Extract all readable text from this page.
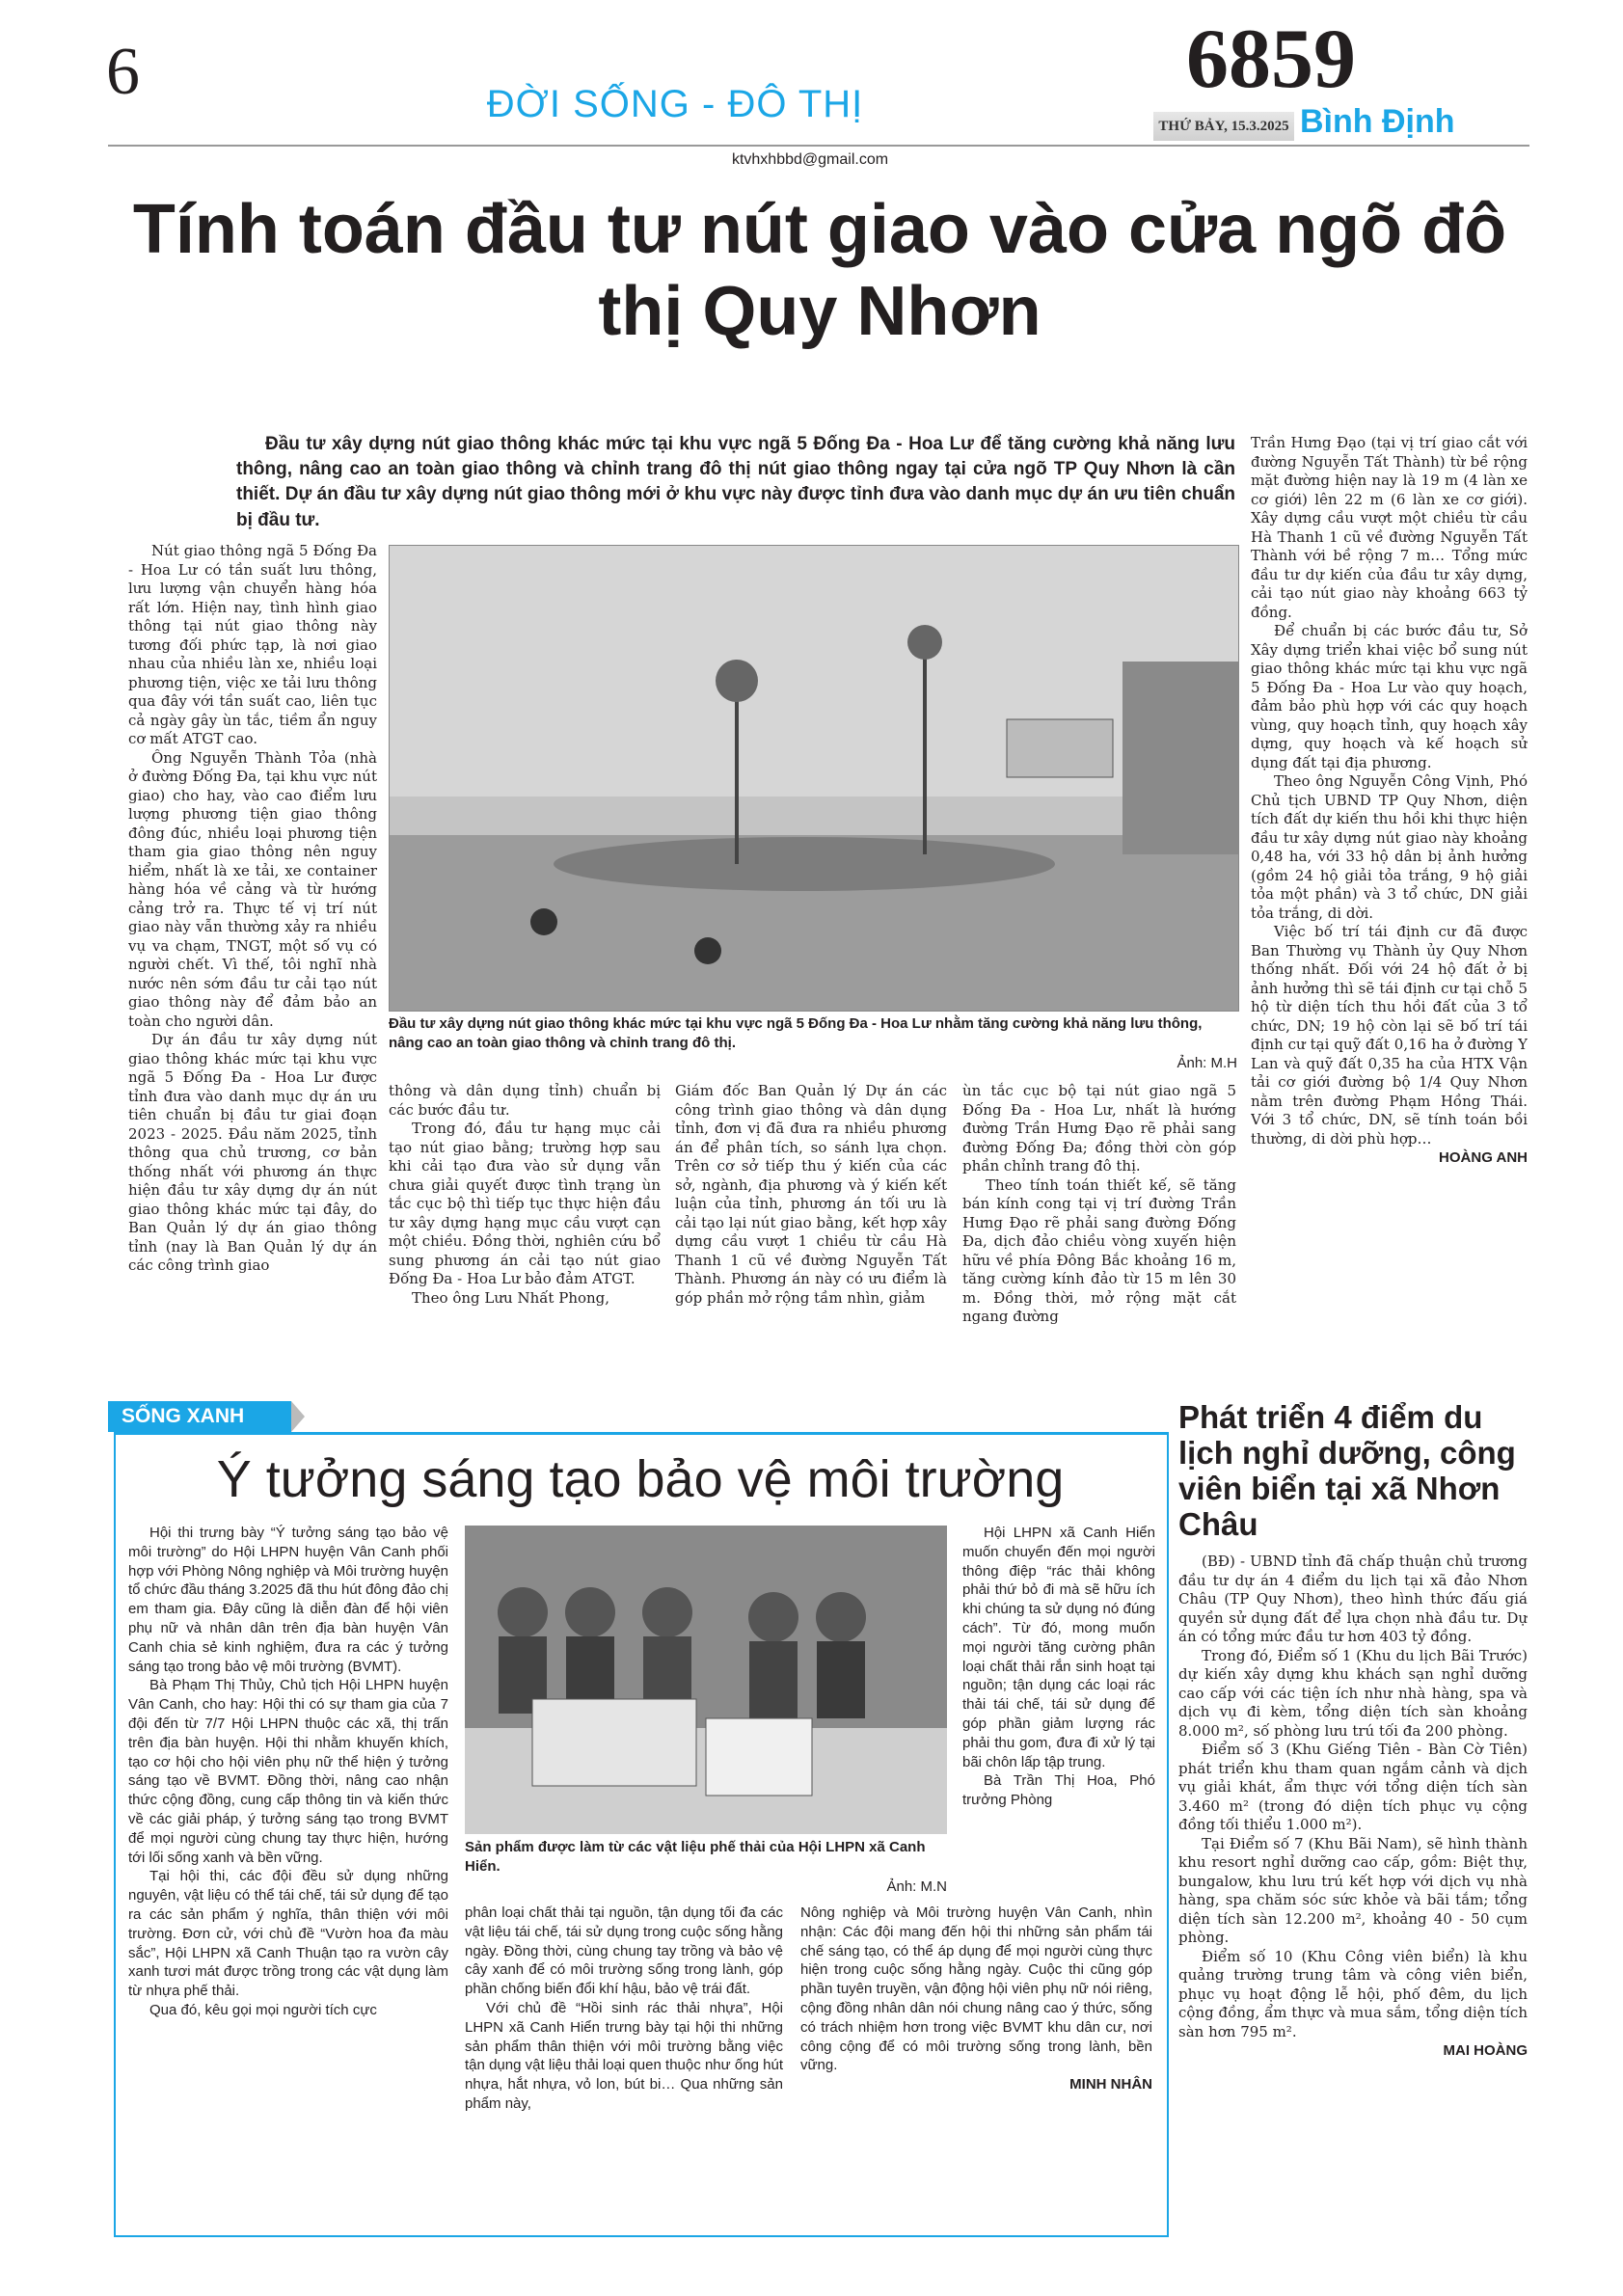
6	ĐỜI SỐNG - ĐÔ THỊ	6859
THỨ BẢY, 15.3.2025 Bình Định
ktvhxhbbd@gmail.com
Tính toán đầu tư nút giao vào cửa ngõ đô thị Quy Nhơn
Đầu tư xây dựng nút giao thông khác mức tại khu vực ngã 5 Đống Đa - Hoa Lư để tăng cường khả năng lưu thông, nâng cao an toàn giao thông và chỉnh trang đô thị nút giao thông ngay tại cửa ngõ TP Quy Nhơn là cần thiết. Dự án đầu tư xây dựng nút giao thông mới ở khu vực này được tỉnh đưa vào danh mục dự án ưu tiên chuẩn bị đầu tư.

Nút giao thông ngã 5 Đống Đa - Hoa Lư có tần suất lưu thông, lưu lượng vận chuyển hàng hóa rất lớn. Hiện nay, tình hình giao thông tại nút giao thông này tương đối phức tạp, là nơi giao nhau của nhiều làn xe, nhiều loại phương tiện, việc xe tải lưu thông qua đây với tần suất cao, liên tục cả ngày gây ùn tắc, tiềm ẩn nguy cơ mất ATGT cao.

Ông Nguyễn Thành Tỏa (nhà ở đường Đống Đa, tại khu vực nút giao) cho hay, vào cao điểm lưu lượng phương tiện giao thông đông đúc, nhiều loại phương tiện tham gia giao thông nên nguy hiểm, nhất là xe tải, xe container hàng hóa về cảng và từ hướng cảng trở ra. Thực tế vị trí nút giao này vẫn thường xảy ra nhiều vụ va chạm, TNGT, một số vụ có người chết. Vì thế, tôi nghĩ nhà nước nên sớm đầu tư cải tạo nút giao thông này để đảm bảo an toàn cho người dân.

Dự án đầu tư xây dựng nút giao thông khác mức tại khu vực ngã 5 Đống Đa - Hoa Lư được tỉnh đưa vào danh mục dự án ưu tiên chuẩn bị đầu tư giai đoạn 2023 - 2025. Đầu năm 2025, tỉnh thông qua chủ trương, cơ bản thống nhất với phương án thực hiện đầu tư xây dựng dự án nút giao thông khác mức tại đây, do Ban Quản lý dự án giao thông tỉnh (nay là Ban Quản lý dự án các công trình giao

Đầu tư xây dựng nút giao thông khác mức tại khu vực ngã 5 Đống Đa - Hoa Lư nhằm tăng cường khả năng lưu thông, nâng cao an toàn giao thông và chỉnh trang đô thị.
Ảnh: M.H

thông và dân dụng tỉnh) chuẩn bị các bước đầu tư.

Trong đó, đầu tư hạng mục cải tạo nút giao bằng; trường hợp sau khi cải tạo đưa vào sử dụng vẫn chưa giải quyết được tình trạng ùn tắc cục bộ thì tiếp tục thực hiện đầu tư xây dựng hạng mục cầu vượt cạn một chiều. Đồng thời, nghiên cứu bổ sung phương án cải tạo nút giao Đống Đa - Hoa Lư bảo đảm ATGT.

Theo ông Lưu Nhất Phong,

Giám đốc Ban Quản lý Dự án các công trình giao thông và dân dụng tỉnh, đơn vị đã đưa ra nhiều phương án để phân tích, so sánh lựa chọn. Trên cơ sở tiếp thu ý kiến của các sở, ngành, địa phương và ý kiến kết luận của tỉnh, phương án tối ưu là cải tạo lại nút giao bằng, kết hợp xây dựng cầu vượt 1 chiều từ cầu Hà Thanh 1 cũ về đường Nguyễn Tất Thành. Phương án này có ưu điểm là góp phần mở rộng tầm nhìn, giảm

ùn tắc cục bộ tại nút giao ngã 5 Đống Đa - Hoa Lư, nhất là hướng đường Trần Hưng Đạo rẽ phải sang đường Đống Đa; đồng thời còn góp phần chỉnh trang đô thị.

Theo tính toán thiết kế, sẽ tăng bán kính cong tại vị trí đường Trần Hưng Đạo rẽ phải sang đường Đống Đa, dịch đảo chiều vòng xuyến hiện hữu về phía Đông Bắc khoảng 16 m, tăng cường kính đảo từ 15 m lên 30 m. Đồng thời, mở rộng mặt cắt ngang đường

Trần Hưng Đạo (tại vị trí giao cắt với đường Nguyễn Tất Thành) từ bề rộng mặt đường hiện nay là 19 m (4 làn xe cơ giới) lên 22 m (6 làn xe cơ giới). Xây dựng cầu vượt một chiều từ cầu Hà Thanh 1 cũ về đường Nguyễn Tất Thành với bề rộng 7 m… Tổng mức đầu tư dự kiến của đầu tư xây dựng, cải tạo nút giao này khoảng 663 tỷ đồng.

Để chuẩn bị các bước đầu tư, Sở Xây dựng triển khai việc bổ sung nút giao thông khác mức tại khu vực ngã 5 Đống Đa - Hoa Lư vào quy hoạch, đảm bảo phù hợp với các quy hoạch vùng, quy hoạch tỉnh, quy hoạch xây dựng, quy hoạch và kế hoạch sử dụng đất tại địa phương.

Theo ông Nguyễn Công Vịnh, Phó Chủ tịch UBND TP Quy Nhơn, diện tích đất dự kiến thu hồi khi thực hiện đầu tư xây dựng nút giao này khoảng 0,48 ha, với 33 hộ dân bị ảnh hưởng (gồm 24 hộ giải tỏa trắng, 9 hộ giải tỏa một phần) và 3 tổ chức, DN giải tỏa trắng, di dời.

Việc bố trí tái định cư đã được Ban Thường vụ Thành ủy Quy Nhơn thống nhất. Đối với 24 hộ đất ở bị ảnh hưởng thì sẽ tái định cư tại chỗ 5 hộ từ diện tích thu hồi đất của 3 tổ chức, DN; 19 hộ còn lại sẽ bố trí tái định cư tại quỹ đất 0,16 ha ở đường Y Lan và quỹ đất 0,35 ha của HTX Vận tải cơ giới đường bộ 1/4 Quy Nhơn nằm trên đường Phạm Hồng Thái. Với 3 tổ chức, DN, sẽ tính toán bồi thường, di dời phù hợp…

HOÀNG ANH
SỐNG XANH
Ý tưởng sáng tạo bảo vệ môi trường

Hội thi trưng bày “Ý tưởng sáng tạo bảo vệ môi trường” do Hội LHPN huyện Vân Canh phối hợp với Phòng Nông nghiệp và Môi trường huyện tổ chức đầu tháng 3.2025 đã thu hút đông đảo chị em tham gia. Đây cũng là diễn đàn để hội viên phụ nữ và nhân dân trên địa bàn huyện Vân Canh chia sẻ kinh nghiệm, đưa ra các ý tưởng sáng tạo trong bảo vệ môi trường (BVMT).

Bà Phạm Thị Thủy, Chủ tịch Hội LHPN huyện Vân Canh, cho hay: Hội thi có sự tham gia của 7 đội đến từ 7/7 Hội LHPN thuộc các xã, thị trấn trên địa bàn huyện. Hội thi nhằm khuyến khích, tạo cơ hội cho hội viên phụ nữ thể hiện ý tưởng sáng tạo về BVMT. Đồng thời, nâng cao nhận thức cộng đồng, cung cấp thông tin và kiến thức về các giải pháp, ý tưởng sáng tạo trong BVMT để mọi người cùng chung tay thực hiện, hướng tới lối sống xanh và bền vững.

Tại hội thi, các đội đều sử dụng những nguyên, vật liệu có thể tái chế, tái sử dụng để tạo ra các sản phẩm ý nghĩa, thân thiện với môi trường. Đơn cử, với chủ đề “Vườn hoa đa màu sắc”, Hội LHPN xã Canh Thuận tạo ra vườn cây xanh tươi mát được trồng trong các vật dụng làm từ nhựa phế thải.

Qua đó, kêu gọi mọi người tích cực

Sản phẩm được làm từ các vật liệu phế thải của Hội LHPN xã Canh Hiển.
Ảnh: M.N

phân loại chất thải tại nguồn, tận dụng tối đa các vật liệu tái chế, tái sử dụng trong cuộc sống hằng ngày. Đồng thời, cùng chung tay trồng và bảo vệ cây xanh để có môi trường sống trong lành, góp phần chống biến đổi khí hậu, bảo vệ trái đất.

Với chủ đề “Hồi sinh rác thải nhựa”, Hội LHPN xã Canh Hiển trưng bày tại hội thi những sản phẩm thân thiện với môi trường bằng việc tận dụng vật liệu thải loại quen thuộc như ống hút nhựa, hắt nhựa, vỏ lon, bút bi… Qua những sản phẩm này,

Nông nghiệp và Môi trường huyện Vân Canh, nhìn nhận: Các đội mang đến hội thi những sản phẩm tái chế sáng tạo, có thể áp dụng để mọi người cùng thực hiện trong cuộc sống hằng ngày. Cuộc thi cũng góp phần tuyên truyền, vận động hội viên phụ nữ nói riêng, cộng đồng nhân dân nói chung nâng cao ý thức, sống có trách nhiệm hơn trong việc BVMT khu dân cư, nơi công cộng để có môi trường sống trong lành, bền vững.

MINH NHÂN

Hội LHPN xã Canh Hiển muốn chuyển đến mọi người thông điệp “rác thải không phải thứ bỏ đi mà sẽ hữu ích khi chúng ta sử dụng nó đúng cách”. Từ đó, mong muốn mọi người tăng cường phân loại chất thải rắn sinh hoạt tại nguồn; tận dụng các loại rác thải tái chế, tái sử dụng để góp phần giảm lượng rác phải thu gom, đưa đi xử lý tại bãi chôn lấp tập trung.

Bà Trần Thị Hoa, Phó trưởng Phòng

Phát triển 4 điểm du lịch nghỉ dưỡng, công viên biển tại xã Nhơn Châu

(BĐ) - UBND tỉnh đã chấp thuận chủ trương đầu tư dự án 4 điểm du lịch tại xã đảo Nhơn Châu (TP Quy Nhơn), theo hình thức đấu giá quyền sử dụng đất để lựa chọn nhà đầu tư. Dự án có tổng mức đầu tư hơn 403 tỷ đồng.

Trong đó, Điểm số 1 (Khu du lịch Bãi Trước) dự kiến xây dựng khu khách sạn nghỉ dưỡng cao cấp với các tiện ích như nhà hàng, spa và dịch vụ đi kèm, tổng diện tích sàn khoảng 8.000 m², số phòng lưu trú tối đa 200 phòng.

Điểm số 3 (Khu Giếng Tiên - Bàn Cờ Tiên) phát triển khu tham quan ngắm cảnh và dịch vụ giải khát, ẩm thực với tổng diện tích sàn 3.460 m² (trong đó diện tích phục vụ cộng đồng tối thiểu 1.000 m²).

Tại Điểm số 7 (Khu Bãi Nam), sẽ hình thành khu resort nghỉ dưỡng cao cấp, gồm: Biệt thự, bungalow, khu lưu trú kết hợp với dịch vụ nhà hàng, spa chăm sóc sức khỏe và bãi tắm; tổng diện tích sàn 12.200 m², khoảng 40 - 50 cụm phòng.

Điểm số 10 (Khu Công viên biển) là khu quảng trường trung tâm và công viên biển, phục vụ hoạt động lễ hội, phố đêm, du lịch cộng đồng, ẩm thực và mua sắm, tổng diện tích sàn hơn 795 m².

MAI HOÀNG
